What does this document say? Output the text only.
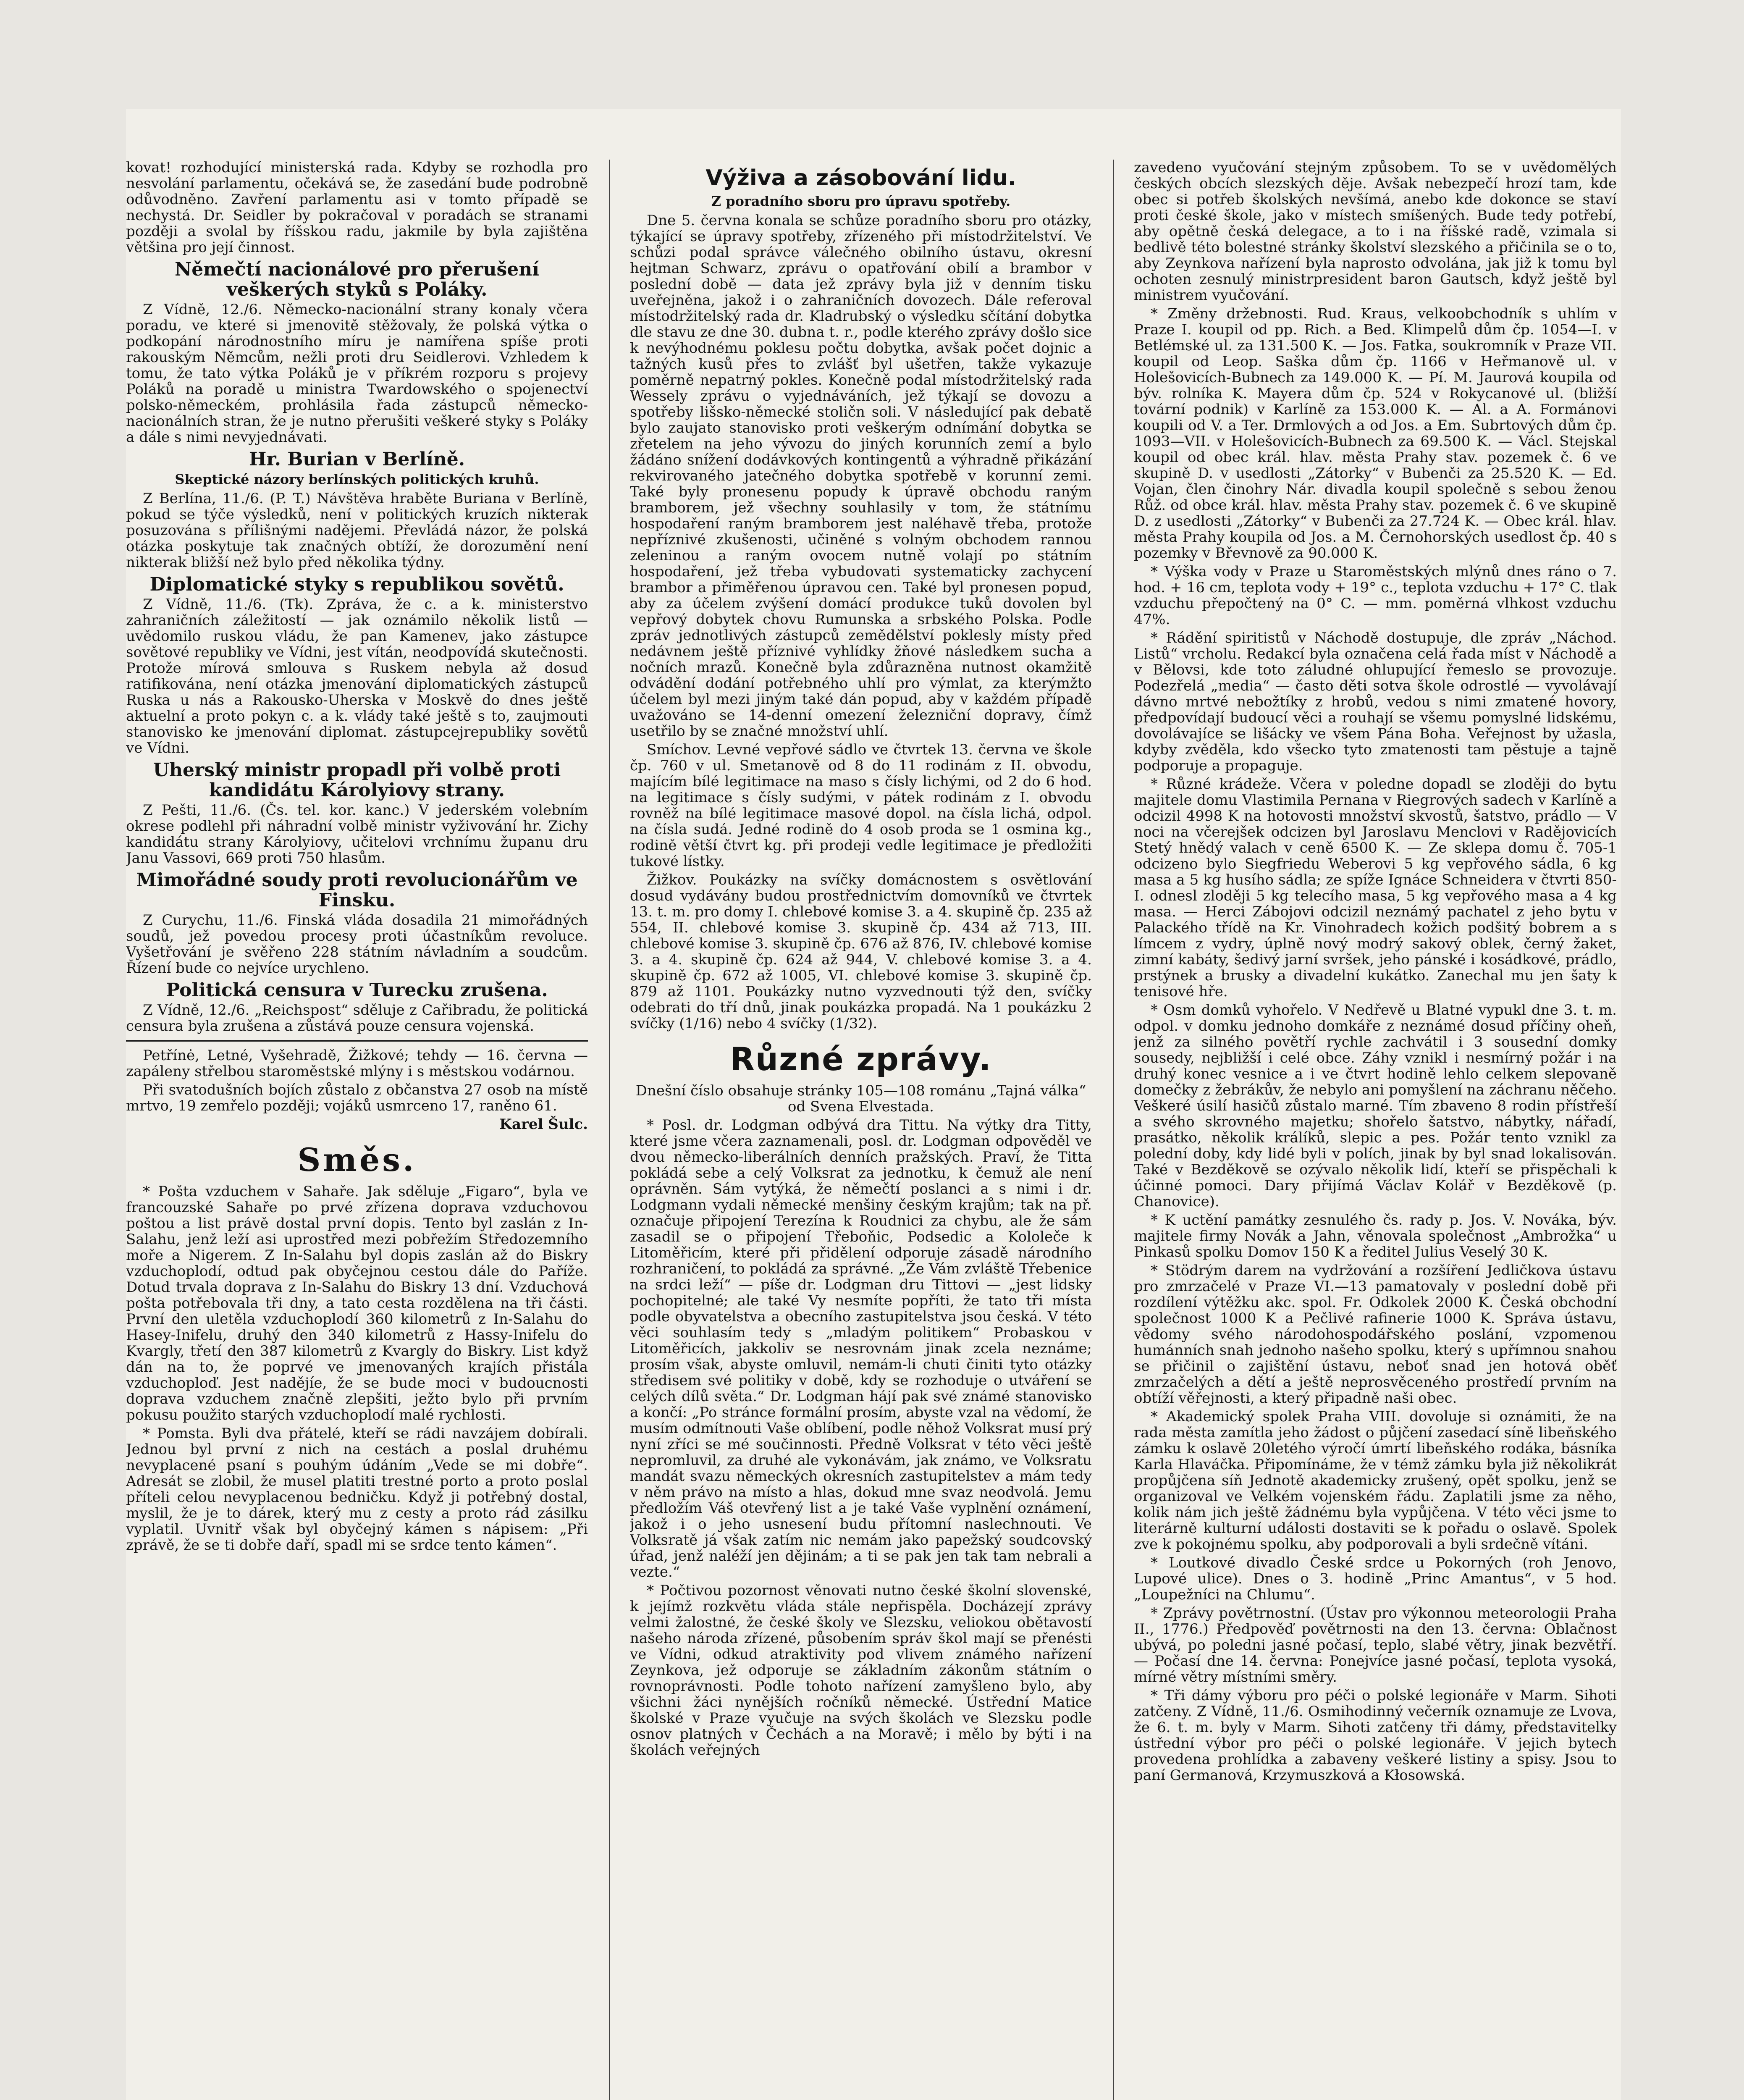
kovat! rozhodující ministerská rada. Kdyby se rozhodla pro nesvolání parlamentu, očekává se, že zasedání bude podrobně odůvodněno. Zavření parlamentu asi v tomto případě se nechystá. Dr. Seidler by pokračoval v poradách se stranami později a svolal by říšskou radu, jakmile by byla zajištěna většina pro její činnost.

Němečtí nacionálové pro přerušení veškerých styků s Poláky.

Z Vídně, 12./6. Německo-nacionální strany konaly včera poradu, ve které si jmenovitě stěžovaly, že polská výtka o podkopání národnostního míru je namířena spíše proti rakouským Němcům, nežli proti dru Seidlerovi. Vzhledem k tomu, že tato výtka Poláků je v příkrém rozporu s projevy Poláků na poradě u ministra Twardowského o spojenectví polsko-německém, prohlásila řada zástupců německo-nacionálních stran, že je nutno přerušiti veškeré styky s Poláky a dále s nimi nevyjednávati.

Hr. Burian v Berlíně.
Skeptické názory berlínských politických kruhů.

Z Berlína, 11./6. (P. T.) Návštěva hraběte Buriana v Berlíně, pokud se týče výsledků, není v politických kruzích nikterak posuzována s přílišnými nadějemi. Převládá názor, že polská otázka poskytuje tak značných obtíží, že dorozumění není nikterak bližší než bylo před několika týdny.

Diplomatické styky s republikou sovětů.

Z Vídně, 11./6. (Tk). Zpráva, že c. a k. ministerstvo zahraničních záležitostí — jak oznámilo několik listů — uvědomilo ruskou vládu, že pan Kamenev, jako zástupce sovětové republiky ve Vídni, jest vítán, neodpovídá skutečnosti. Protože mírová smlouva s Ruskem nebyla až dosud ratifikována, není otázka jmenování diplomatických zástupců Ruska u nás a Rakousko-Uherska v Moskvě do dnes ještě aktuelní a proto pokyn c. a k. vlády také ještě s to, zaujmouti stanovisko ke jmenování diplomat. zástupcejrepubliky sovětů ve Vídni.

Uherský ministr propadl při volbě proti kandidátu Károlyiovy strany.

Z Pešti, 11./6. (Čs. tel. kor. kanc.) V jederském volebním okrese podlehl při náhradní volbě ministr vyživování hr. Zichy kandidátu strany Károlyiovy, učitelovi vrchnímu županu dru Janu Vassovi, 669 proti 750 hlasům.

Mimořádné soudy proti revolucionářům ve Finsku.

Z Curychu, 11./6. Finská vláda dosadila 21 mimořádných soudů, jež povedou procesy proti účastníkům revoluce. Vyšetřování je svěřeno 228 státním návladním a soudcům. Řízení bude co nejvíce urychleno.

Politická censura v Turecku zrušena.

Z Vídně, 12./6. „Reichspost“ sděluje z Cařibradu, že politická censura byla zrušena a zůstává pouze censura vojenská.

Petřínė, Letné, Vyšehradě, Žižkové; tehdy — 16. června — zapáleny střelbou staroměstské mlýny i s městskou vodárnou.

Při svatodušních bojích zůstalo z občanstva 27 osob na místě mrtvo, 19 zemřelo později; vojáků usmrceno 17, raněno 61.

Karel Šulc.
Směs.

* Pošta vzduchem v Sahaře. Jak sděluje „Figaro“, byla ve francouzské Sahaře po prvé zřízena doprava vzduchovou poštou a list právě dostal první dopis. Tento byl zaslán z In-Salahu, jenž leží asi uprostřed mezi pobřežím Středozemního moře a Nigerem. Z In-Salahu byl dopis zaslán až do Biskry vzduchoplodí, odtud pak obyčejnou cestou dále do Paříže. Dotud trvala doprava z In-Salahu do Biskry 13 dní. Vzduchová pošta potřebovala tři dny, a tato cesta rozdělena na tři části. První den uletěla vzduchoplodí 360 kilometrů z In-Salahu do Hasey-Inifelu, druhý den 340 kilometrů z Hassy-Inifelu do Kvargly, třetí den 387 kilometrů z Kvargly do Biskry. List když dán na to, že poprvé ve jmenovaných krajích přistála vzduchoploď. Jest nadějíe, že se bude moci v budoucnosti doprava vzduchem značně zlepšiti, ježto bylo při prvním pokusu použito starých vzduchoplodí malé rychlosti.

* Pomsta. Byli dva přátelé, kteří se rádi navzájem dobírali. Jednou byl první z nich na cestách a poslal druhému nevyplacené psaní s pouhým údáním „Vede se mi dobře“. Adresát se zlobil, že musel platiti trestné porto a proto poslal příteli celou nevyplacenou bedničku. Když ji potřebný dostal, myslil, že je to dárek, který mu z cesty a proto rád zásilku vyplatil. Uvnitř však byl obyčejný kámen s nápisem: „Při zprávě, že se ti dobře daří, spadl mi se srdce tento kámen“.

Výživa a zásobování lidu.
Z poradního sboru pro úpravu spotřeby.

Dne 5. června konala se schůze poradního sboru pro otázky, týkající se úpravy spotřeby, zřízeného při místodržitelství. Ve schůzi podal správce válečného obilního ústavu, okresní hejtman Schwarz, zprávu o opatřování obilí a brambor v poslední době — data jež zprávy byla již v denním tisku uveřejněna, jakož i o zahraničních dovozech. Dále referoval místodržitelský rada dr. Kladrubský o výsledku sčítání dobytka dle stavu ze dne 30. dubna t. r., podle kterého zprávy došlo sice k nevýhodnému poklesu počtu dobytka, avšak počet dojnic a tažných kusů přes to zvlášť byl ušetřen, takže vykazuje poměrně nepatrný pokles. Konečně podal místodržitelský rada Wessely zprávu o vyjednáváních, jež týkají se dovozu a spotřeby lišsko-německé stoličn soli. V následující pak debatě bylo zaujato stanovisko proti veškerým odnímání dobytka se zřetelem na jeho vývozu do jiných korunních zemí a bylo žádáno snížení dodávkových kontingentů a výhradně přikázání rekvirovaného jatečného dobytka spotřebě v korunní zemi. Také byly pronesenu popudy k úpravě obchodu raným bramborem, jež všechny souhlasily v tom, že státnímu hospodaření raným bramborem jest naléhavě třeba, protože nepříznivé zkušenosti, učiněné s volným obchodem rannou zeleninou a raným ovocem nutně volají po státním hospodaření, jež třeba vybudovati systematicky zachycení brambor a přiměřenou úpravou cen. Také byl pronesen popud, aby za účelem zvýšení domácí produkce tuků dovolen byl vepřový dobytek chovu Rumunska a srbského Polska. Podle zpráv jednotlivých zástupců zemědělství poklesly místy před nedávnem ještě příznivé vyhlídky žňové následkem sucha a nočních mrazů. Konečně byla zdůrazněna nutnost okamžitě odvádění dodání potřebného uhlí pro výmlat, za kterýmžto účelem byl mezi jiným také dán popud, aby v každém případě uvažováno se 14-denní omezení železniční dopravy, čímž usetřilo by se značné množství uhlí.

Smíchov. Levné vepřové sádlo ve čtvrtek 13. června ve škole čp. 760 v ul. Smetanově od 8 do 11 rodinám z II. obvodu, majícím bílé legitimace na maso s čísly lichými, od 2 do 6 hod. na legitimace s čísly sudými, v pátek rodinám z I. obvodu rovněž na bílé legitimace masové dopol. na čísla lichá, odpol. na čísla sudá. Jedné rodině do 4 osob proda se 1 osmina kg., rodině větší čtvrt kg. při prodeji vedle legitimace je předložiti tukové lístky.

Žižkov. Poukázky na svíčky domácnostem s osvětlování dosud vydávány budou prostřednictvím domovníků ve čtvrtek 13. t. m. pro domy I. chlebové komise 3. a 4. skupině čp. 235 až 554, II. chlebové komise 3. skupině čp. 434 až 713, III. chlebové komise 3. skupině čp. 676 až 876, IV. chlebové komise 3. a 4. skupině čp. 624 až 944, V. chlebové komise 3. a 4. skupině čp. 672 až 1005, VI. chlebové komise 3. skupině čp. 879 až 1101. Poukázky nutno vyzvednouti týž den, svíčky odebrati do tří dnů, jinak poukázka propadá. Na 1 poukázku 2 svíčky (1/16) nebo 4 svíčky (1/32).

Různé zprávy.

Dnešní číslo obsahuje stránky 105—108 románu „Tajná válka“ od Svena Elvestada.

* Posl. dr. Lodgman odbývá dra Tittu. Na výtky dra Titty, které jsme včera zaznamenali, posl. dr. Lodgman odpověděl ve dvou německo-liberálních denních pražských. Praví, že Titta pokládá sebe a celý Volksrat za jednotku, k čemuž ale není oprávněn. Sám vytýká, že němečtí poslanci a s nimi i dr. Lodgmann vydali německé menšiny českým krajům; tak na př. označuje připojení Terezína k Roudnici za chybu, ale že sám zasadil se o připojení Třeboňic, Podsedic a Kololeče k Litoměřicím, které při přidělení odporuje zásadě národního rozhraničení, to pokládá za správné. „Že Vám zvláště Třebenice na srdci leží“ — píše dr. Lodgman dru Tittovi — „jest lidsky pochopitelné; ale také Vy nesmíte popříti, že tato tři místa podle obyvatelstva a obecního zastupitelstva jsou česká. V této věci souhlasím tedy s „mladým politikem“ Probaskou v Litoměřicích, jakkoliv se nesrovnám jinak zcela neznáme; prosím však, abyste omluvil, nemám-li chuti činiti tyto otázky středisem své politiky v době, kdy se rozhoduje o utváření se celých dílů světa.“ Dr. Lodgman hájí pak své známé stanovisko a končí: „Po stránce formální prosím, abyste vzal na vědomí, že musím odmítnouti Vaše oblíbení, podle něhož Volksrat musí prý nyní zříci se mé součinnosti. Předně Volksrat v této věci ještě nepromluvil, za druhé ale vykonávám, jak známo, ve Volksratu mandát svazu německých okresních zastupitelstev a mám tedy v něm právo na místo a hlas, dokud mne svaz neodvolá. Jemu předložím Váš otevřený list a je také Vaše vyplnění oznámení, jakož i o jeho usnesení budu přítomní naslechnouti. Ve Volksratě já však zatím nic nemám jako papežský soudcovský úřad, jenž naléží jen dějinám; a ti se pak jen tak tam nebrali a vezte.“

* Počtivou pozornost věnovati nutno české školní slovenské, k jejímž rozkvětu vláda stále nepřispěla. Docházejí zprávy velmi žalostné, že české školy ve Slezsku, veliokou obětavostí našeho národa zřízené, působením správ škol mají se přenésti ve Vídni, odkud atraktivity pod vlivem známého nařízení Zeynkova, jež odporuje se základním zákonům státním o rovnoprávnosti. Podle tohoto nařízení zamyšleno bylo, aby všichni žáci nynějších ročníků německé. Ústřední Matice školské v Praze vyučuje na svých školách ve Slezsku podle osnov platných v Čechách a na Moravě; i mělo by býti i na školách veřejných

zavedeno vyučování stejným způsobem. To se v uvědomělých českých obcích slezských děje. Avšak nebezpečí hrozí tam, kde obec si potřeb školských nevšímá, anebo kde dokonce se staví proti české škole, jako v místech smíšených. Bude tedy potřebí, aby opětně česká delegace, a to i na říšské radě, vzimala si bedlivě této bolestné stránky školství slezského a přičinila se o to, aby Zeynkova nařízení byla naprosto odvolána, jak již k tomu byl ochoten zesnulý ministrpresident baron Gautsch, když ještě byl ministrem vyučování.

* Změny držebnosti. Rud. Kraus, velkoobchodník s uhlím v Praze I. koupil od pp. Rich. a Bed. Klimpelů dům čp. 1054—I. v Betlémské ul. za 131.500 K. — Jos. Fatka, soukromník v Praze VII. koupil od Leop. Saška dům čp. 1166 v Heřmanově ul. v Holešovicích-Bubnech za 149.000 K. — Pí. M. Jaurová koupila od býv. rolníka K. Mayera dům čp. 524 v Rokycanové ul. (bližší tovární podnik) v Karlíně za 153.000 K. — Al. a A. Formánovi koupili od V. a Ter. Drmlových a od Jos. a Em. Subrtových dům čp. 1093—VII. v Holešovicích-Bubnech za 69.500 K. — Václ. Stejskal koupil od obec král. hlav. města Prahy stav. pozemek č. 6 ve skupině D. v usedlosti „Zátorky“ v Bubenči za 25.520 K. — Ed. Vojan, člen činohry Nár. divadla koupil společně s sebou ženou Růž. od obce král. hlav. města Prahy stav. pozemek č. 6 ve skupině D. z usedlosti „Zátorky“ v Bubenči za 27.724 K. — Obec král. hlav. města Prahy koupila od Jos. a M. Černohorských usedlost čp. 40 s pozemky v Břevnově za 90.000 K.

* Výška vody v Praze u Staroměstských mlýnů dnes ráno o 7. hod. + 16 cm, teplota vody + 19° c., teplota vzduchu + 17° C. tlak vzduchu přepočtený na 0° C. — mm. poměrná vlhkost vzduchu 47%.

* Rádění spiritistů v Náchodě dostupuje, dle zpráv „Náchod. Listů“ vrcholu. Redakcí byla označena celá řada míst v Náchodě a v Bělovsi, kde toto záludné ohlupující řemeslo se provozuje. Podezřelá „media“ — často děti sotva škole odrostlé — vyvolávají dávno mrtvé nebožtíky z hrobů, vedou s nimi zmatené hovory, předpovídají budoucí věci a rouhají se všemu pomyslné lidskému, dovolávajíce se lišácky ve všem Pána Boha. Veřejnost by užasla, kdyby zvěděla, kdo všecko tyto zmatenosti tam pěstuje a tajně podporuje a propaguje.

* Různé krádeže. Včera v poledne dopadl se zloději do bytu majitele domu Vlastimila Pernana v Riegrových sadech v Karlíně a odcizil 4998 K na hotovosti množství skvostů, šatstvo, prádlo — V noci na včerejšek odcizen byl Jaroslavu Menclovi v Radějovicích Stetý hnědý valach v ceně 6500 K. — Ze sklepa domu č. 705-1 odcizeno bylo Siegfriedu Weberovi 5 kg vepřového sádla, 6 kg masa a 5 kg husího sádla; ze spíže Ignáce Schneidera v čtvrti 850-I. odnesl zloději 5 kg telecího masa, 5 kg vepřového masa a 4 kg masa. — Herci Zábojovi odcizil neznámý pachatel z jeho bytu v Palackého třídě na Kr. Vinohradech kožich podšitý bobrem a s límcem z vydry, úplně nový modrý sakový oblek, černý žaket, zimní kabáty, šedivý jarní svršek, jeho pánské i kosádkové, prádlo, prstýnek a brusky a divadelní kukátko. Zanechal mu jen šaty k tenisové hře.

* Osm domků vyhořelo. V Nedřevě u Blatné vypukl dne 3. t. m. odpol. v domku jednoho domkáře z neznámé dosud příčiny oheň, jenž za silného povětří rychle zachvátil i 3 sousední domky sousedy, nejbližší i celé obce. Záhy vznikl i nesmírný požár i na druhý konec vesnice a i ve čtvrt hodině lehlo celkem slepovaně domečky z žebrákův, že nebylo ani pomyšlení na záchranu něčeho. Veškeré úsilí hasičů zůstalo marné. Tím zbaveno 8 rodin přístřeší a svého skrovného majetku; shořelo šatstvo, nábytky, nářadí, prasátko, několik králíků, slepic a pes. Požár tento vznikl za polední doby, kdy lidé byli v polích, jinak by byl snad lokalisován. Také v Bezděkově se ozývalo několik lidí, kteří se přispěchali k účinné pomoci. Dary přijímá Václav Kolář v Bezděkově (p. Chanovice).

* K uctění památky zesnulého čs. rady p. Jos. V. Nováka, býv. majitele firmy Novák a Jahn, věnovala společnost „Ambrožka“ u Pinkasů spolku Domov 150 K a ředitel Julius Veselý 30 K.

* Stödrým darem na vydržování a rozšíření Jedličkova ústavu pro zmrzačelé v Praze VI.—13 pamatovaly v poslední době při rozdílení výtěžku akc. spol. Fr. Odkolek 2000 K. Česká obchodní společnost 1000 K a Pečlivé rafinerie 1000 K. Správa ústavu, vědomy svého národohospodářského poslání, vzpomenou humánních snah jednoho našeho spolku, který s upřímnou snahou se přičinil o zajištění ústavu, neboť snad jen hotová oběť zmrzačelých a dětí a ještě neprosvěceného prostředí prvním na obtíží věřejnosti, a který připadně naši obec.

* Akademický spolek Praha VIII. dovoluje si oznámiti, že na rada města zamítla jeho žádost o půjčení zasedací síně libeňského zámku k oslavě 20letého výročí úmrtí libeňského rodáka, básníka Karla Hlaváčka. Připomínáme, že v témž zámku byla již několikrát propůjčena síň Jednotě akademicky zrušený, opět spolku, jenž se organizoval ve Velkém vojenském řádu. Zaplatili jsme za něho, kolik nám jich ještě žádnému byla vypůjčena. V této věci jsme to literárně kulturní události dostaviti se k pořadu o oslavě. Spolek zve k pokojnému spolku, aby podporovali a byli srdečně vítáni.

* Loutkové divadlo České srdce u Pokorných (roh Jenovo, Lupové ulice). Dnes o 3. hodině „Princ Amantus“, v 5 hod. „Loupežníci na Chlumu“.

* Zprávy povětrnostní. (Ústav pro výkonnou meteorologii Praha II., 1776.) Předpověď povětrnosti na den 13. června: Oblačnost ubývá, po poledni jasné počasí, teplo, slabé větry, jinak bezvětří. — Počasí dne 14. června: Ponejvíce jasné počasí, teplota vysoká, mírné větry místními směry.

* Tři dámy výboru pro péči o polské legionáře v Marm. Sihoti zatčeny. Z Vídně, 11./6. Osmihodinný večerník oznamuje ze Lvova, že 6. t. m. byly v Marm. Sihoti zatčeny tři dámy, představitelky ústřední výbor pro péči o polské legionáře. V jejich bytech provedena prohlídka a zabaveny veškeré listiny a spisy. Jsou to paní Germanová, Krzymuszková a Kłosowská.
